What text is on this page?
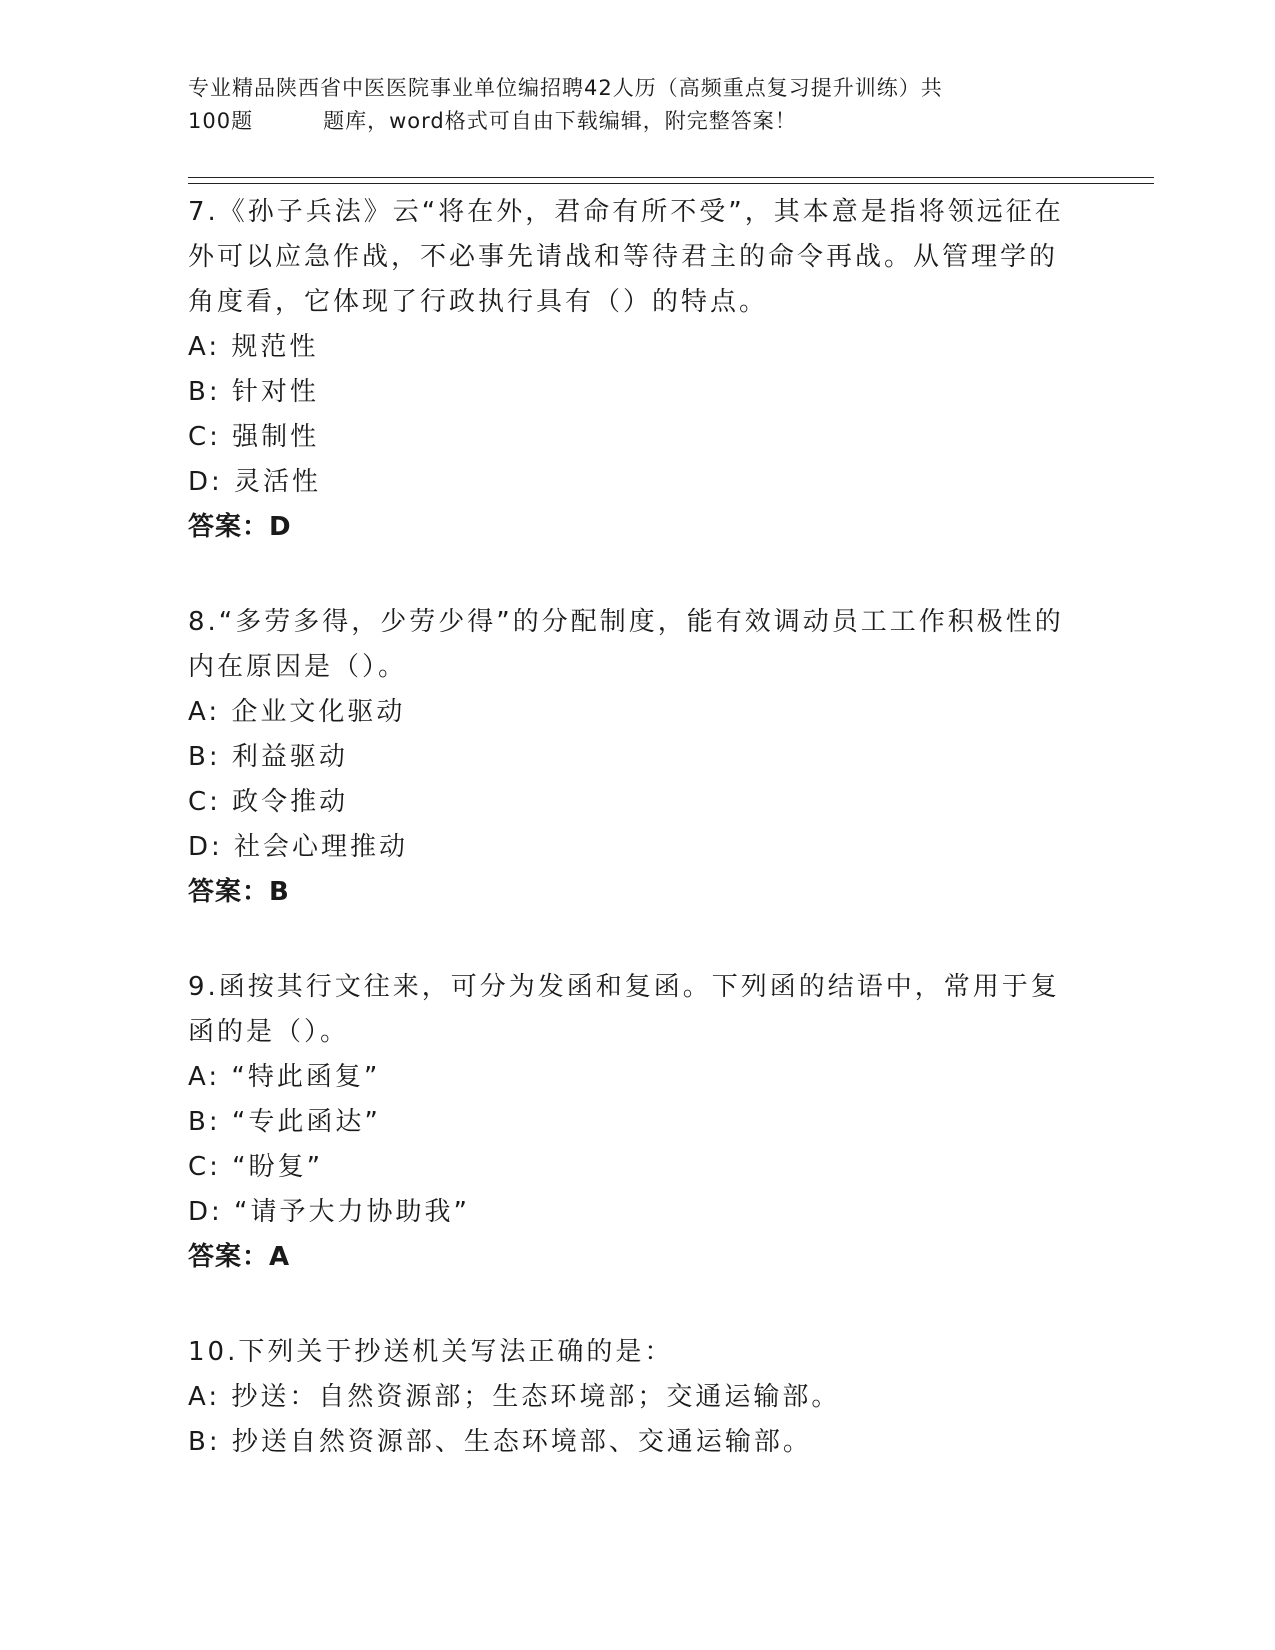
专业精品陕西省中医医院事业单位编招聘42人历（高频重点复习提升训练）共
100题	题库，word格式可自由下载编辑，附完整答案！

7.《孙子兵法》云“将在外，君命有所不受”，其本意是指将领远征在外可以应急作战，不必事先请战和等待君主的命令再战。从管理学的角度看，它体现了行政执行具有（）的特点。

A: 规范性

B: 针对性

C: 强制性

D: 灵活性

答案：D

8.“多劳多得，少劳少得”的分配制度，能有效调动员工工作积极性的内在原因是（）。

A: 企业文化驱动

B: 利益驱动

C: 政令推动

D: 社会心理推动

答案：B

9.函按其行文往来，可分为发函和复函。下列函的结语中，常用于复函的是（）。

A: “特此函复”

B: “专此函达”

C: “盼复”

D: “请予大力协助我”

答案：A

10.下列关于抄送机关写法正确的是：

A: 抄送：自然资源部；生态环境部；交通运输部。

B: 抄送自然资源部、生态环境部、交通运输部。
